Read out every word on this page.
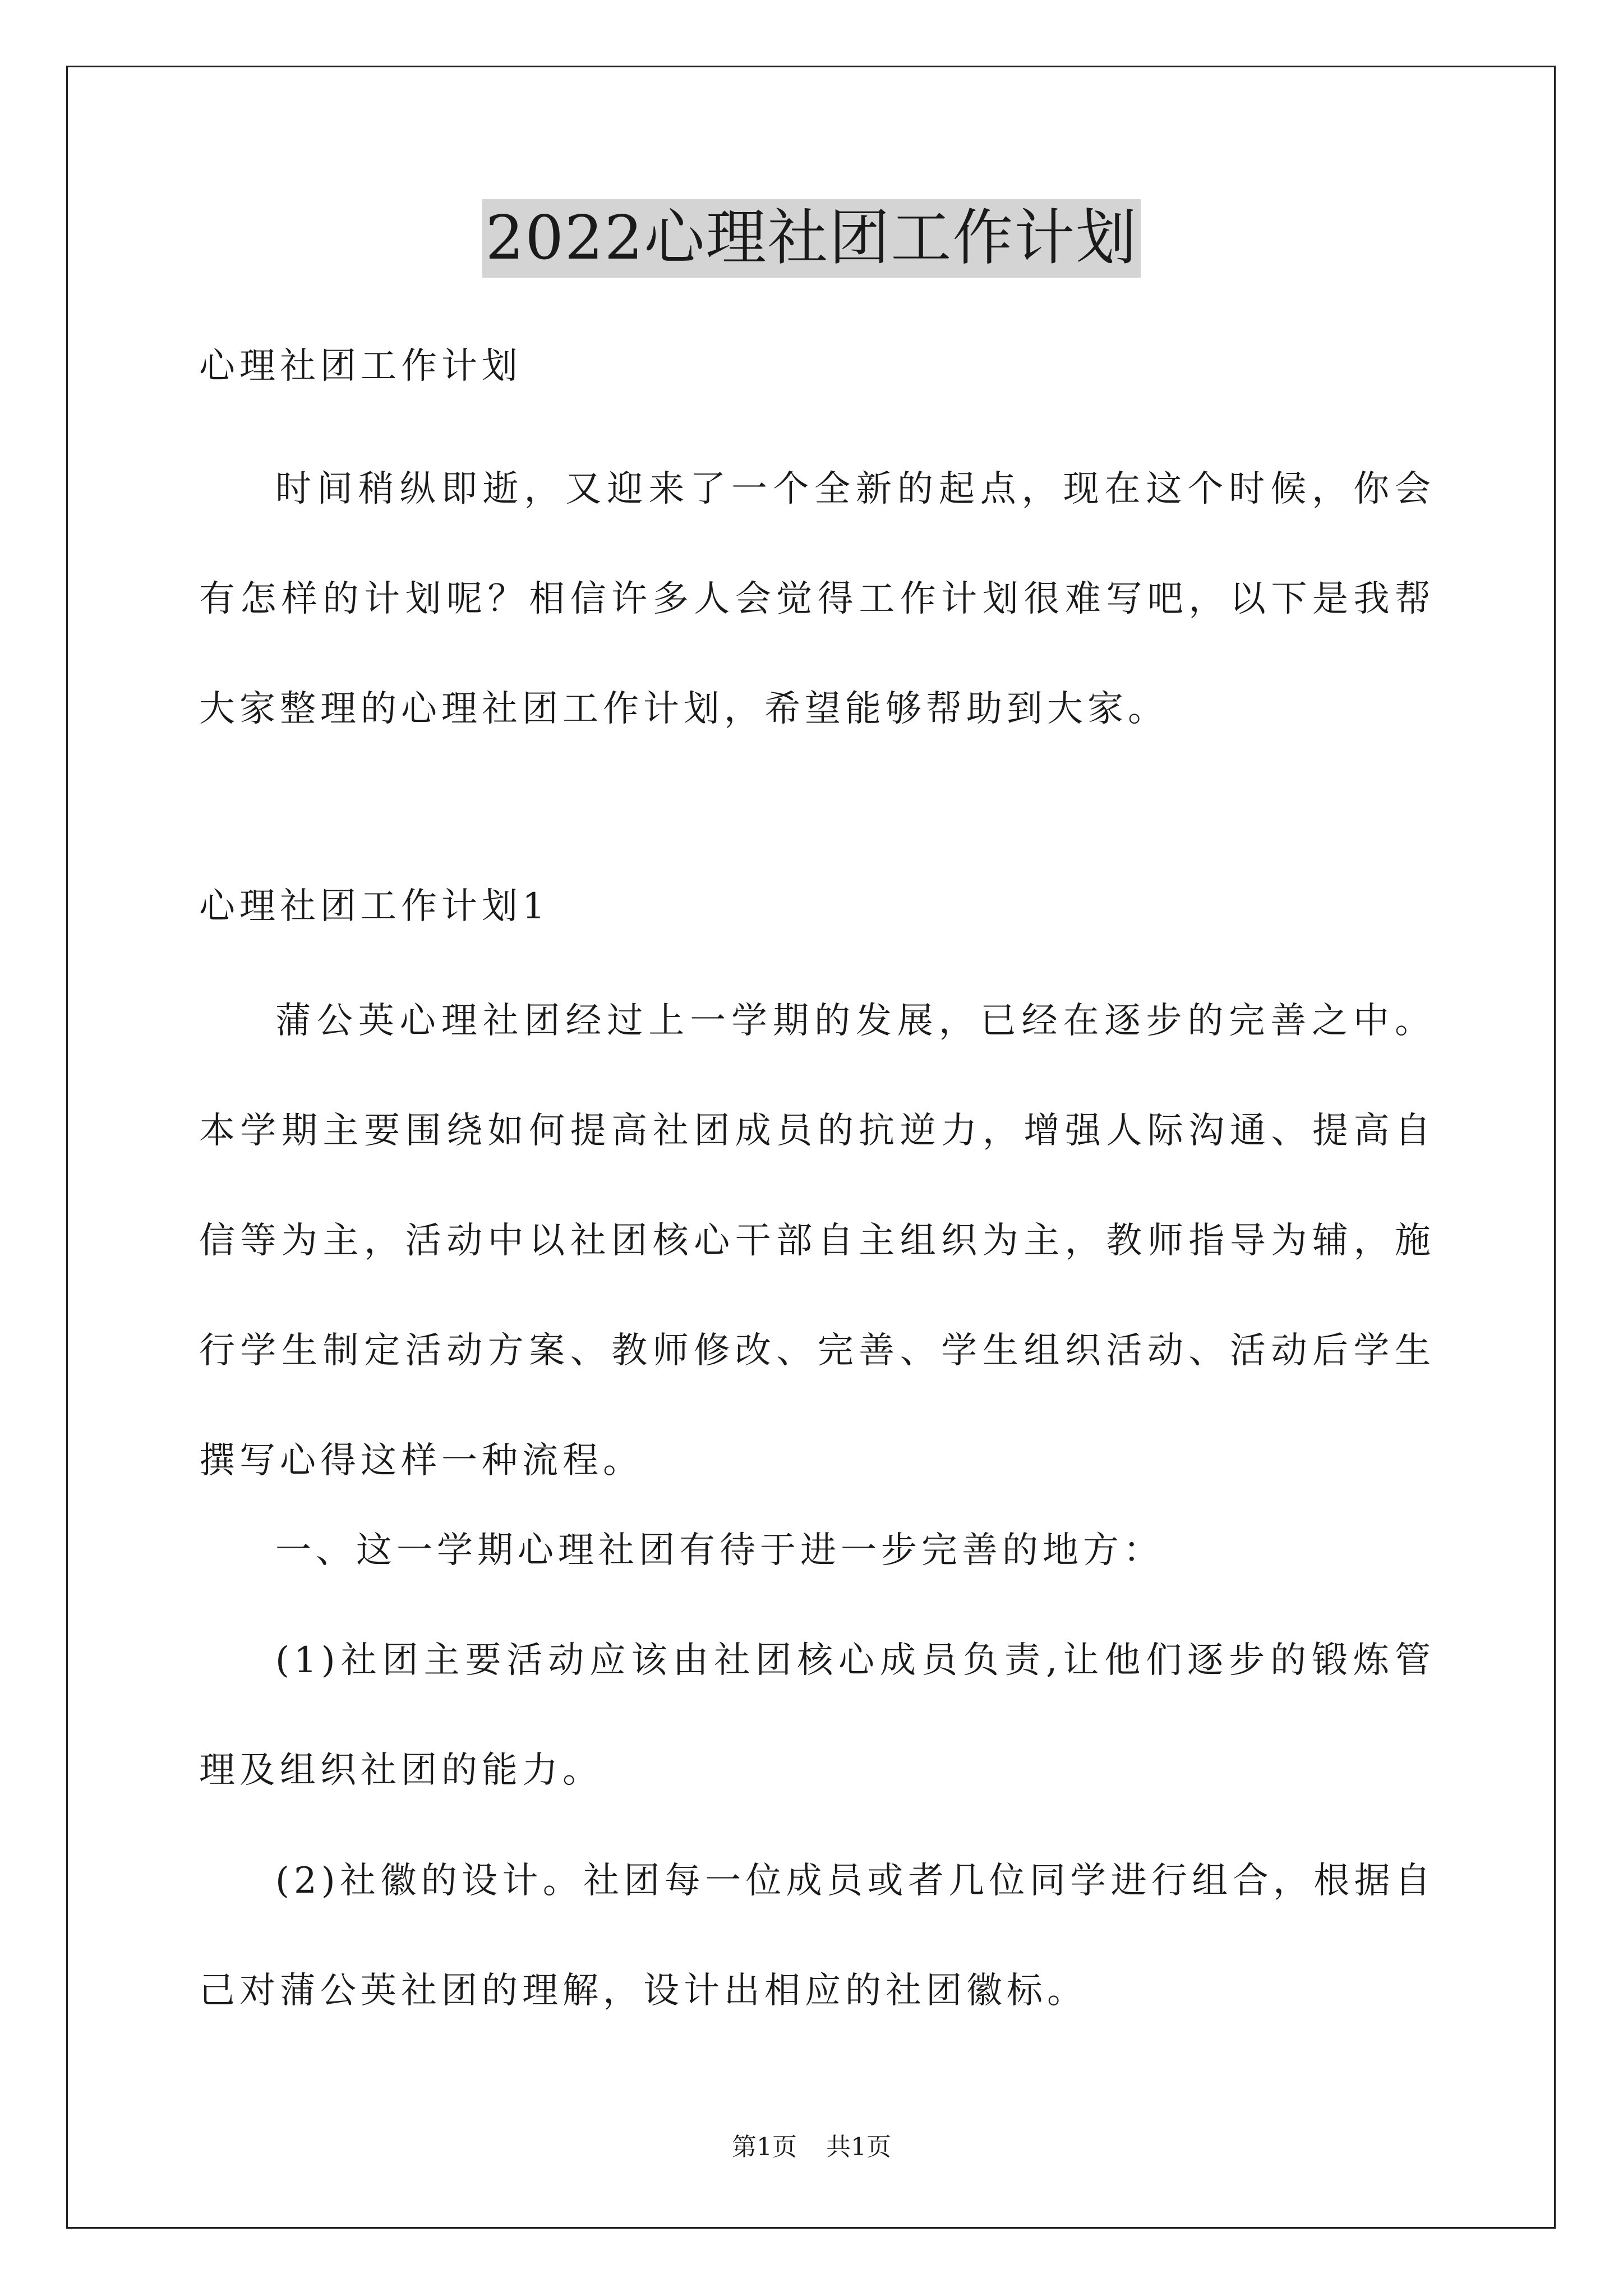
2022心理社团工作计划

心理社团工作计划

时间稍纵即逝，又迎来了一个全新的起点，现在这个时候，你会有怎样的计划呢？相信许多人会觉得工作计划很难写吧，以下是我帮大家整理的心理社团工作计划，希望能够帮助到大家。

心理社团工作计划1

蒲公英心理社团经过上一学期的发展，已经在逐步的完善之中。本学期主要围绕如何提高社团成员的抗逆力，增强人际沟通、提高自信等为主，活动中以社团核心干部自主组织为主，教师指导为辅，施行学生制定活动方案、教师修改、完善、学生组织活动、活动后学生撰写心得这样一种流程。

一、这一学期心理社团有待于进一步完善的地方：

(1)社团主要活动应该由社团核心成员负责,让他们逐步的锻炼管理及组织社团的能力。

(2)社徽的设计。社团每一位成员或者几位同学进行组合，根据自己对蒲公英社团的理解，设计出相应的社团徽标。

第1页 共1页
